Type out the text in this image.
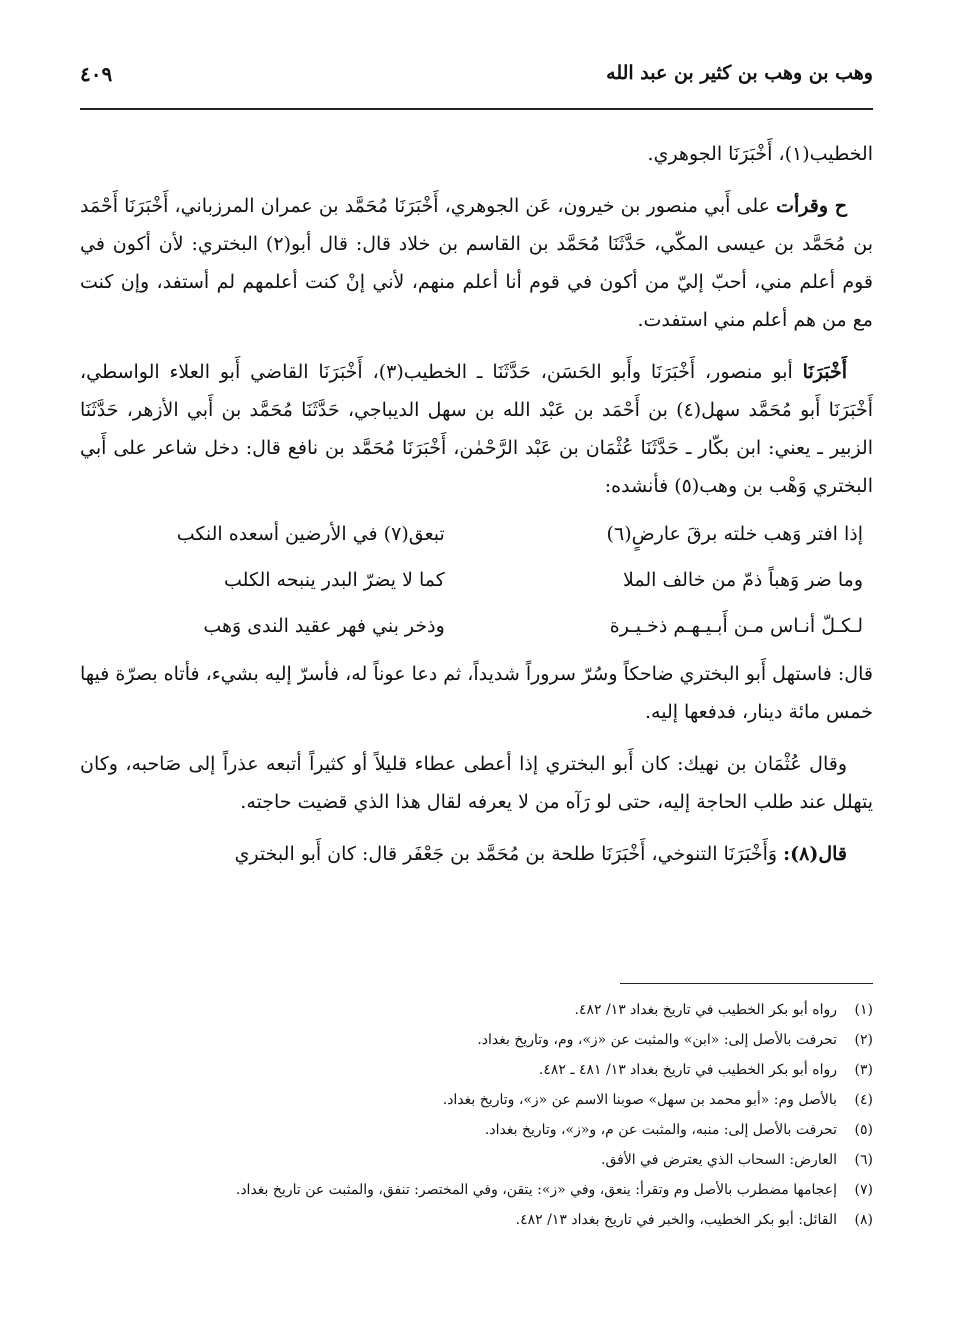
وهب بن وهب بن كثير بن عبد الله
٤٠٩

الخطيب(١)، أَخْبَرَنَا الجوهري.

ح وقرأت على أَبي منصور بن خيرون، عَن الجوهري، أَخْبَرَنَا مُحَمَّد بن عمران المرزباني، أَخْبَرَنَا أَحْمَد بن مُحَمَّد بن عيسى المكّي، حَدَّثَنَا مُحَمَّد بن القاسم بن خلاد قال: قال أبو(٢) البختري: لأن أكون في قوم أعلم مني، أحبّ إليّ من أكون في قوم أنا أعلم منهم، لأني إنْ كنت أعلمهم لم أستفد، وإن كنت مع من هم أعلم مني استفدت.

أَخْبَرَنَا أبو منصور، أَخْبَرَنَا وأَبو الحَسَن، حَدَّثَنَا ـ الخطيب(٣)، أَخْبَرَنَا القاضي أَبو العلاء الواسطي، أَخْبَرَنَا أَبو مُحَمَّد سهل(٤) بن أَحْمَد بن عَبْد الله بن سهل الديباجي، حَدَّثَنَا مُحَمَّد بن أَبي الأزهر، حَدَّثَنَا الزبير ـ يعني: ابن بكّار ـ حَدَّثَنَا عُثْمَان بن عَبْد الرَّحْمٰن، أَخْبَرَنَا مُحَمَّد بن نافع قال: دخل شاعر على أَبي البختري وَهْب بن وهب(٥) فأنشده:

إذا افتر وَهب خلته برقَ عارضٍ(٦)
تبعق(٧) في الأرضين أسعده النكب
وما ضر وَهباً ذمّ من خالف الملا
كما لا يضرّ البدر ينبحه الكلب
لـكـلّ أنـاس مـن أَبـيـهـم ذخـيـرة
وذخر بني فهر عقيد الندى وَهب

قال: فاستهل أَبو البختري ضاحكاً وسُرّ سروراً شديداً، ثم دعا عوناً له، فأسرّ إليه بشيء، فأتاه بصرّة فيها خمس مائة دينار، فدفعها إليه.

وقال عُثْمَان بن نهيك: كان أَبو البختري إذا أعطى عطاء قليلاً أو كثيراً أتبعه عذراً إلى صَاحبه، وكان يتهلل عند طلب الحاجة إليه، حتى لو رَآه من لا يعرفه لقال هذا الذي قضيت حاجته.

قال(٨): وَأَخْبَرَنَا التنوخي، أَخْبَرَنَا طلحة بن مُحَمَّد بن جَعْفَر قال: كان أَبو البختري

(١)
رواه أبو بكر الخطيب في تاريخ بغداد ١٣/ ٤٨٢.
(٢)
تحرفت بالأصل إلى: «ابن» والمثبت عن «ز»، وم، وتاريخ بغداد.
(٣)
رواه أبو بكر الخطيب في تاريخ بغداد ١٣/ ٤٨١ ـ ٤٨٢.
(٤)
بالأصل وم: «أبو محمد بن سهل» صوبنا الاسم عن «ز»، وتاريخ بغداد.
(٥)
تحرفت بالأصل إلى: منبه، والمثبت عن م، و«ز»، وتاريخ بغداد.
(٦)
العارض: السحاب الذي يعترض في الأفق.
(٧)
إعجامها مضطرب بالأصل وم وتقرأ: ينعق، وفي «ز»: يتقن، وفي المختصر: تنفق، والمثبت عن تاريخ بغداد.
(٨)
القائل: أبو بكر الخطيب، والخبر في تاريخ بغداد ١٣/ ٤٨٢.
